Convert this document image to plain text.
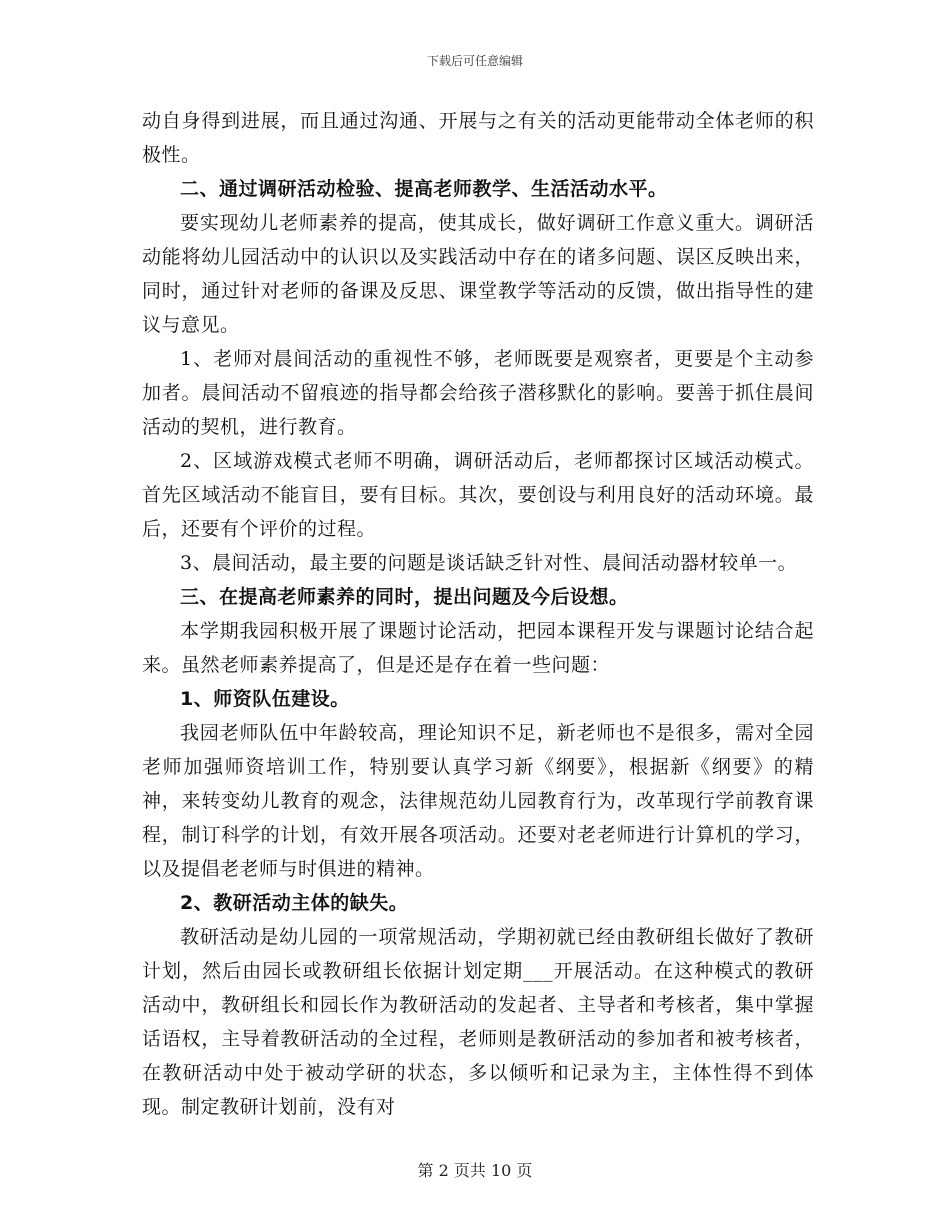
下载后可任意编辑

动自身得到进展，而且通过沟通、开展与之有关的活动更能带动全体老师的积极性。

二、通过调研活动检验、提高老师教学、生活活动水平。

要实现幼儿老师素养的提高，使其成长，做好调研工作意义重大。调研活动能将幼儿园活动中的认识以及实践活动中存在的诸多问题、误区反映出来，同时，通过针对老师的备课及反思、课堂教学等活动的反馈，做出指导性的建议与意见。

1、老师对晨间活动的重视性不够，老师既要是观察者，更要是个主动参加者。晨间活动不留痕迹的指导都会给孩子潜移默化的影响。要善于抓住晨间活动的契机，进行教育。

2、区域游戏模式老师不明确，调研活动后，老师都探讨区域活动模式。首先区域活动不能盲目，要有目标。其次，要创设与利用良好的活动环境。最后，还要有个评价的过程。

3、晨间活动，最主要的问题是谈话缺乏针对性、晨间活动器材较单一。

三、在提高老师素养的同时，提出问题及今后设想。

本学期我园积极开展了课题讨论活动，把园本课程开发与课题讨论结合起来。虽然老师素养提高了，但是还是存在着一些问题：

1、师资队伍建设。

我园老师队伍中年龄较高，理论知识不足，新老师也不是很多，需对全园老师加强师资培训工作，特别要认真学习新《纲要》，根据新《纲要》的精神，来转变幼儿教育的观念，法律规范幼儿园教育行为，改革现行学前教育课程，制订科学的计划，有效开展各项活动。还要对老老师进行计算机的学习，以及提倡老老师与时俱进的精神。

2、教研活动主体的缺失。

教研活动是幼儿园的一项常规活动，学期初就已经由教研组长做好了教研计划，然后由园长或教研组长依据计划定期___开展活动。在这种模式的教研活动中，教研组长和园长作为教研活动的发起者、主导者和考核者，集中掌握话语权，主导着教研活动的全过程，老师则是教研活动的参加者和被考核者，在教研活动中处于被动学研的状态，多以倾听和记录为主，主体性得不到体现。制定教研计划前，没有对

第 2 页共 10 页
